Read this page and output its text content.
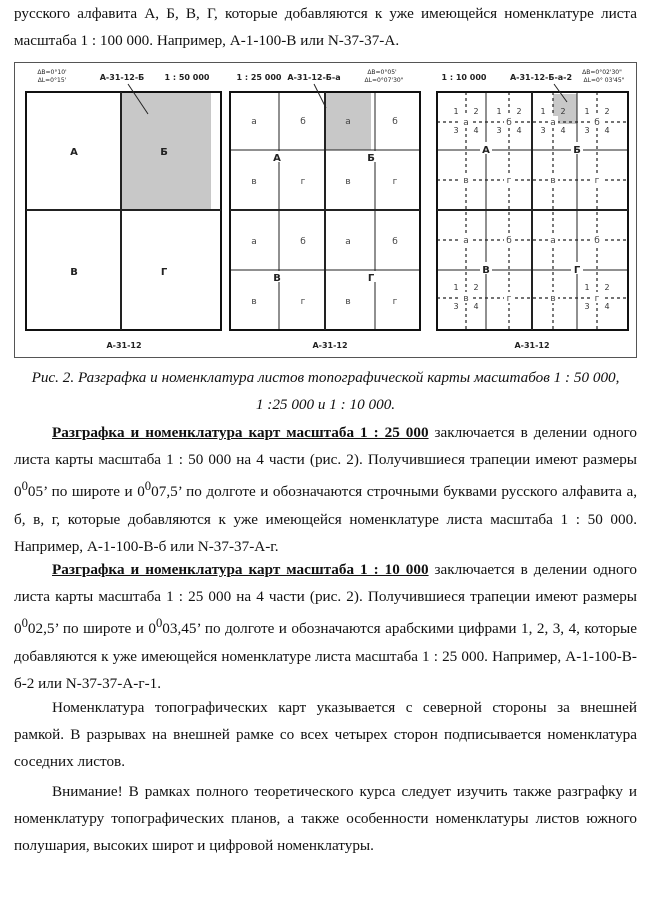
русского алфавита А, Б, В, Г, которые добавляются к уже имеющейся номенклатуре листа масштаба 1 : 100 000. Например, А-1-100-В или N-37-37-А.

ΔB=0°10'
ΔL=0°15'	А-31-12-Б	1 : 50 000
А	Б
В	Г
А-31-12
1 : 25 000 А-31-12-Б-а
ΔB=0°05'
ΔL=0°07'30"
А	Б
В	Г
а
в
а
в
б
г
б
г
а
в
а
в
б
г
б
г
А-31-12
1 : 10 000	А-31-12-Б-а-2
ΔB=0°02'30"
ΔL=0° 03'45"
А	Б
В	Г
а	б	а	б
в	г	в	г
а	б	а	б
в	г	в	г
1 2
3 4
1 2
3 4
1 2
3 4
1 2
3 4
1 2
3 4
1 2
3 4
А-31-12
Рис. 2. Разграфка и номенклатура листов топографической карты масштабов 1 : 50 000,
1 :25 000 и 1 : 10 000.

Разграфка и номенклатура карт масштаба 1 : 25 000 заключается в делении одного листа карты масштаба 1 : 50 000 на 4 части (рис. 2). Получившиеся трапеции имеют размеры $0^005$’ по широте и $0^007,5$’ по долготе и обозначаются строчными буквами русского алфавита а, б, в, г, которые добавляются к уже имеющейся номенклатуре листа масштаба 1 : 50 000. Например, А-1-100-В-б или N-37-37-А-г.

Разграфка и номенклатура карт масштаба 1 : 10 000 заключается в делении одного листа карты масштаба 1 : 25 000 на 4 части (рис. 2). Получившиеся трапеции имеют размеры $0^002,5$’ по широте и $0^003,45$’ по долготе и обозначаются арабскими цифрами 1, 2, 3, 4, которые добавляются к уже имеющейся номенклатуре листа масштаба 1 : 25 000. Например, А-1-100-В-б-2 или N-37-37-А-г-1.

Номенклатура топографических карт указывается с северной стороны за внешней рамкой. В разрывах на внешней рамке со всех четырех сторон подписывается номенклатура соседних листов.

Внимание! В рамках полного теоретического курса следует изучить также разграфку и номенклатуру топографических планов, а также особенности номенклатуры листов южного полушария, высоких широт и цифровой номенклатуры.
